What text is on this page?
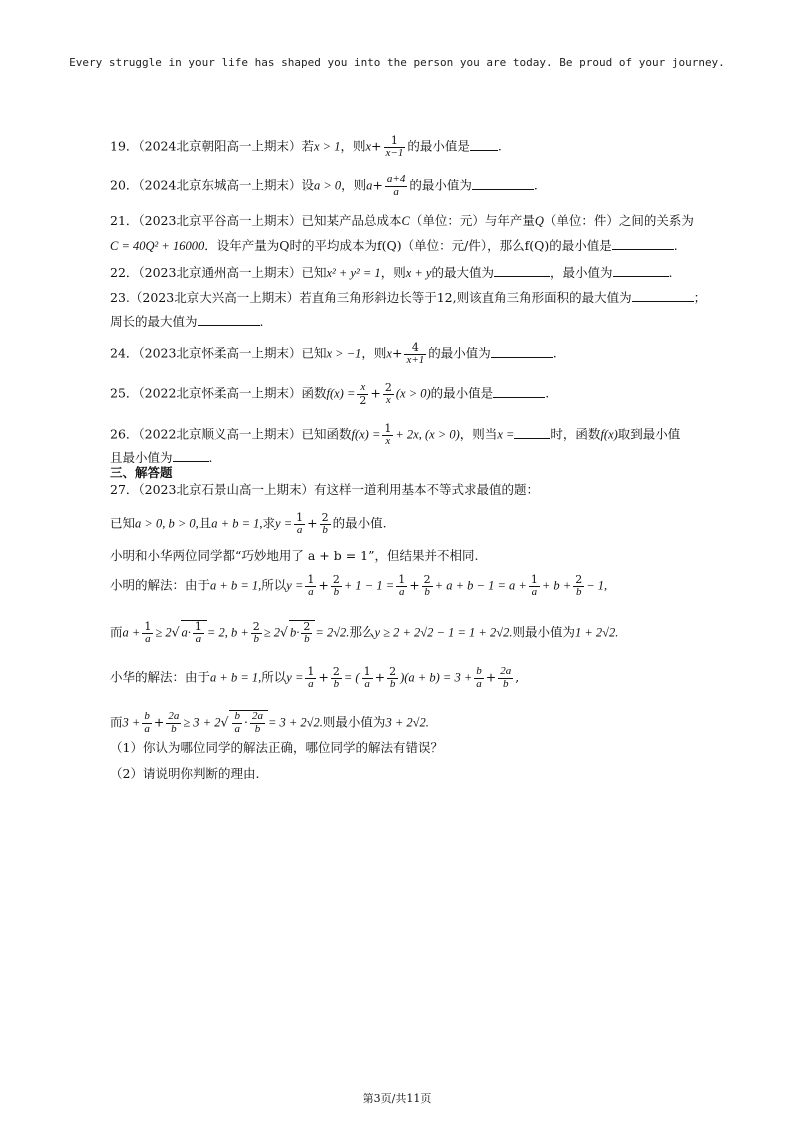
Every struggle in your life has shaped you into the person you are today. Be proud of your journey.
19．（2024北京朝阳高一上期末）若x > 1，则$x+ \frac{1}{x-1}$ 的最小值是 .
20．（2024北京东城高一上期末）设a > 0，则$a+ \frac{a+4}{a}$ 的最小值为	.
21．（2023北京平谷高一上期末）已知某产品总成本C（单位：元）与年产量Q（单位：件）之间的关系为
C = 40Q² + 16000．设年产量为Q时的平均成本为f(Q)（单位：元/件），那么f(Q)的最小值是	.
22．（2023北京通州高一上期末）已知x² + y² = 1，则x + y的最大值为	，最小值为	.
23.（2023北京大兴高一上期末）若直角三角形斜边长等于12,则该直角三角形面积的最大值为	；
周长的最大值为	.
24．（2023北京怀柔高一上期末）已知x > −1，则$x+ \frac{4}{x+1}$ 的最小值为	.
25．（2022北京怀柔高一上期末）函数$f(x) = \frac{x}{2} + \frac{2}{x} (x > 0)$的最小值是	.
26．（2022北京顺义高一上期末）已知函数$f(x) = \frac{1}{x} + 2x$, (x > 0)，则当x =	时，函数f(x)取到最小值
且最小值为	.
三、解答题
27．（2023北京石景山高一上期末）有这样一道利用基本不等式求最值的题：
已知a > 0, b > 0,且a + b = 1,求$y = \frac{1}{a} + \frac{2}{b}$ 的最小值.
小明和小华两位同学都“巧妙地用了 a + b = 1”，但结果并不相同.
小明的解法：由于a + b = 1,所以$y = \frac{1}{a} + \frac{2}{b} + 1 - 1 = \frac{1}{a} + \frac{2}{b} + a + b - 1 = a + \frac{1}{a} + b + \frac{2}{b} - 1$,
而$a + \frac{1}{a} \ge 2√$ $a\cdot \frac{1}{a} = 2$, $b + \frac{2}{b} \ge 2√$ $b\cdot \frac{2}{b} = 2√2$.那么y ≥ 2 + 2√2 − 1 = 1 + 2√2.则最小值为1 + 2√2.
小华的解法：由于a + b = 1,所以$y = \frac{1}{a} + \frac{2}{b}$ = ( $\frac{1}{a} + \frac{2}{b} )(a + b) = 3 + \frac{b}{a} + \frac{2a}{b}$ ,
而$3 + \frac{b}{a} + \frac{2a}{b} \ge 3 + 2√ \frac{b}{a} \cdot \frac{2a}{b} = 3 + 2√2$.则最小值为3 + 2√2.
（1）你认为哪位同学的解法正确，哪位同学的解法有错误？
（2）请说明你判断的理由.
第3页/共11页
